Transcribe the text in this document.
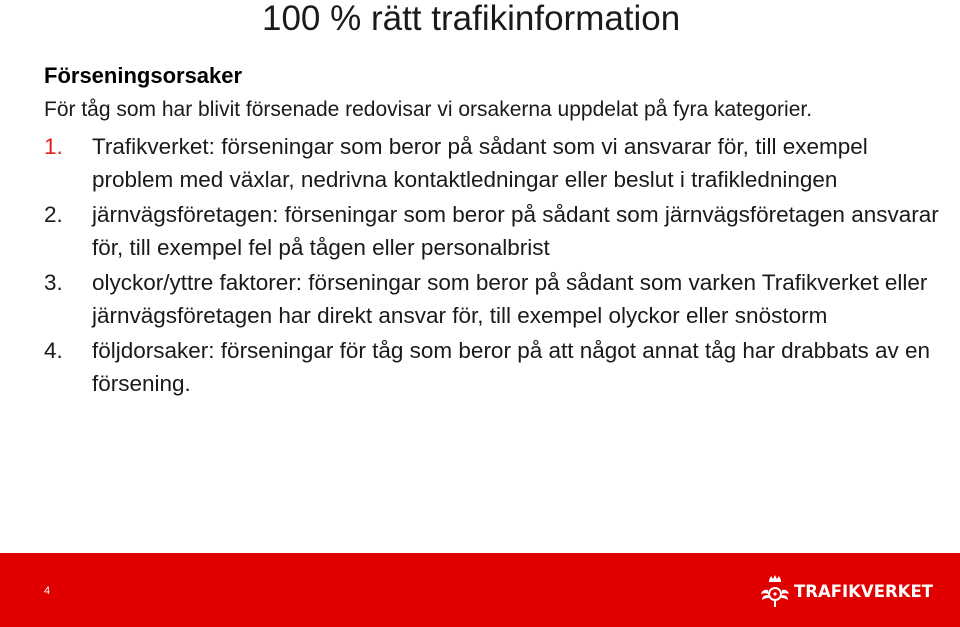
100 % rätt trafikinformation
Förseningsorsaker
För tåg som har blivit försenade redovisar vi orsakerna uppdelat på fyra kategorier.
1.	Trafikverket: förseningar som beror på sådant som vi ansvarar för, till exempel problem med växlar, nedrivna kontaktledningar eller beslut i trafikledningen
2.	järnvägsföretagen: förseningar som beror på sådant som järnvägsföretagen ansvarar för, till exempel fel på tågen eller personalbrist
3.	olyckor/yttre faktorer: förseningar som beror på sådant som varken Trafikverket eller järnvägsföretagen har direkt ansvar för, till exempel olyckor eller snöstorm
4.	följdorsaker: förseningar för tåg som beror på att något annat tåg har drabbats av en försening.
4	TRAFIKVERKET
